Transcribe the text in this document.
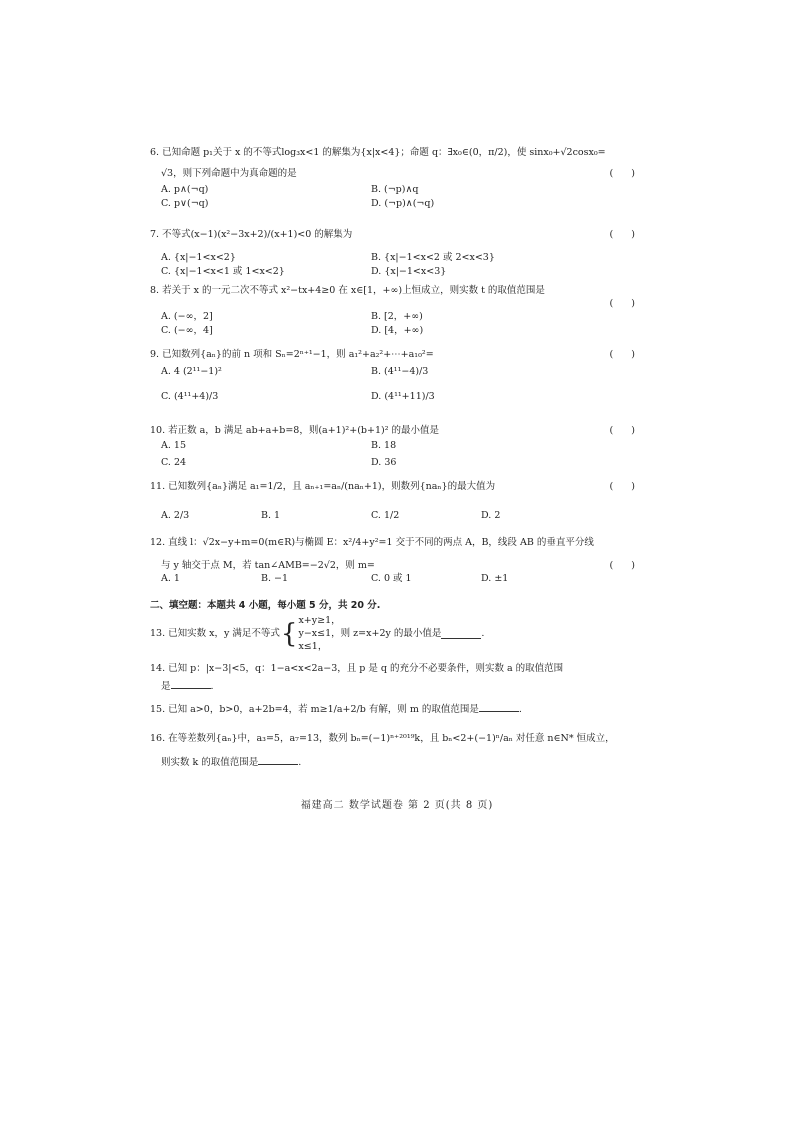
6. 已知命题 p₁关于 x 的不等式log₃x<1 的解集为{x|x<4}；命题 q：∃x₀∈(0，π/2)，使 sinx₀+√2cosx₀=
√3，则下列命题中为真命题的是	(      )
A. p∧(¬q)	B. (¬p)∧q
C. p∨(¬q)	D. (¬p)∧(¬q)
7. 不等式(x−1)(x²−3x+2)/(x+1)<0 的解集为	(      )
A. {x|−1<x<2}	B. {x|−1<x<2 或 2<x<3}
C. {x|−1<x<1 或 1<x<2}	D. {x|−1<x<3}
8. 若关于 x 的一元二次不等式 x²−tx+4≥0 在 x∈[1，+∞)上恒成立，则实数 t 的取值范围是
(      )
A. (−∞，2]	B. [2，+∞)
C. (−∞，4]	D. [4，+∞)
9. 已知数列{aₙ}的前 n 项和 Sₙ=2ⁿ⁺¹−1，则 a₁²+a₂²+⋯+a₁₀²=	(      )
A. 4 (2¹¹−1)²	B. (4¹¹−4)/3
C. (4¹¹+4)/3	D. (4¹¹+11)/3
10. 若正数 a，b 满足 ab+a+b=8，则(a+1)²+(b+1)² 的最小值是	(      )
A. 15	B. 18
C. 24	D. 36
11. 已知数列{aₙ}满足 a₁=1/2，且 aₙ₊₁=aₙ/(naₙ+1)，则数列{naₙ}的最大值为	(      )
A. 2/3	B. 1	C. 1/2	D. 2
12. 直线 l：√2x−y+m=0(m∈R)与椭圆 E：x²/4+y²=1 交于不同的两点 A，B，线段 AB 的垂直平分线
与 y 轴交于点 M，若 tan∠AMB=−2√2，则 m=	(      )
A. 1	B. −1	C. 0 或 1	D. ±1
二、填空题：本题共 4 小题，每小题 5 分，共 20 分.
13. 已知实数 x，y 满足不等式 { x+y≥1，
y−x≤1，
x≤1，
则 z=x+2y 的最小值是	.
14. 已知 p：|x−3|<5，q：1−a<x<2a−3，且 p 是 q 的充分不必要条件，则实数 a 的取值范围
是	.
15. 已知 a>0，b>0，a+2b=4，若 m≥1/a+2/b 有解，则 m 的取值范围是	.
16. 在等差数列{aₙ}中，a₃=5，a₇=13，数列 bₙ=(−1)ⁿ⁺²⁰¹⁹k，且 bₙ<2+(−1)ⁿ/aₙ 对任意 n∈N* 恒成立，
则实数 k 的取值范围是	.
福建高二 数学试题卷 第 2 页(共 8 页)
